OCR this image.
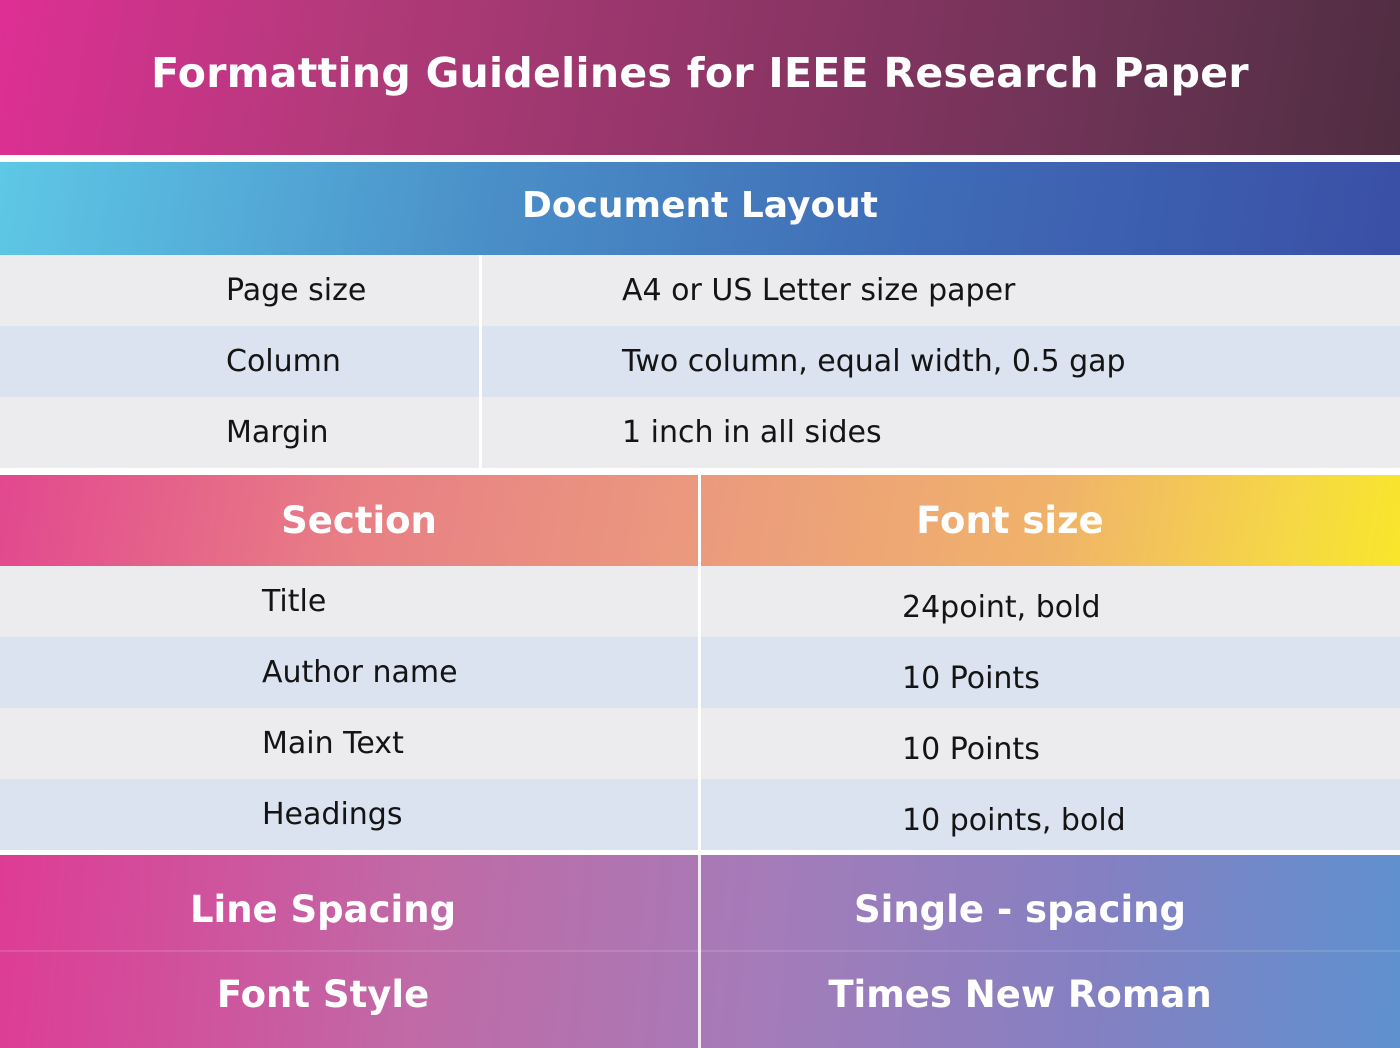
Formatting Guidelines for IEEE Research Paper
Document Layout
Page size	A4 or US Letter size paper
Column	Two column, equal width, 0.5 gap
Margin	1 inch in all sides
Section	Font size
Title	24point, bold
Author name	10 Points
Main Text	10 Points
Headings	10 points, bold
Line Spacing	Single - spacing
Font Style	Times New Roman
